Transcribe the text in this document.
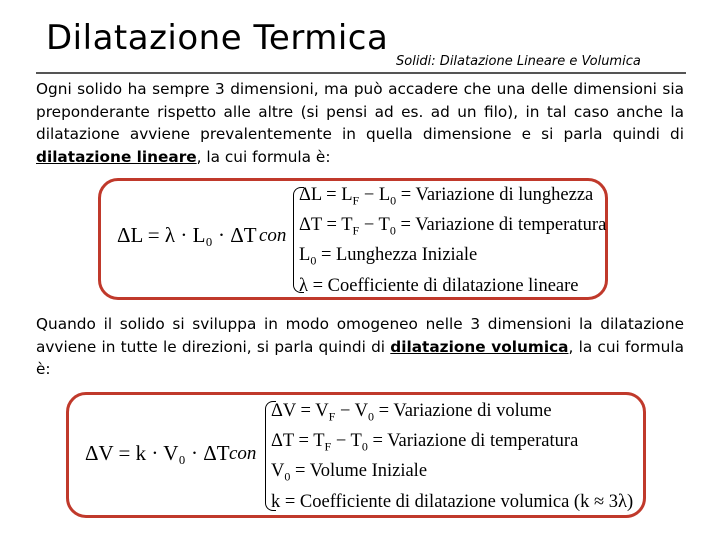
Dilatazione Termica
Solidi: Dilatazione Lineare e Volumica
Ogni solido ha sempre 3 dimensioni, ma può accadere che una delle dimensioni sia preponderante rispetto alle altre (si pensi ad es. ad un filo), in tal caso anche la dilatazione avviene prevalentemente in quella dimensione e si parla quindi di dilatazione lineare, la cui formula è:
ΔL = λ · L₀ · ΔT con
$\Delta L = L_F - L_0$ = Variazione di lunghezza
$\Delta T = T_F - T_0$ = Variazione di temperatura
$L_0$ = Lunghezza Iniziale
λ = Coefficiente di dilatazione lineare
Quando il solido si sviluppa in modo omogeneo nelle 3 dimensioni la dilatazione avviene in tutte le direzioni, si parla quindi di dilatazione volumica, la cui formula è:
ΔV = k · V₀ · ΔT con
$\Delta V = V_F - V_0$ = Variazione di volume
$\Delta T = T_F - T_0$ = Variazione di temperatura
$V_0$ = Volume Iniziale
k = Coefficiente di dilatazione volumica (k ≈ 3λ)
